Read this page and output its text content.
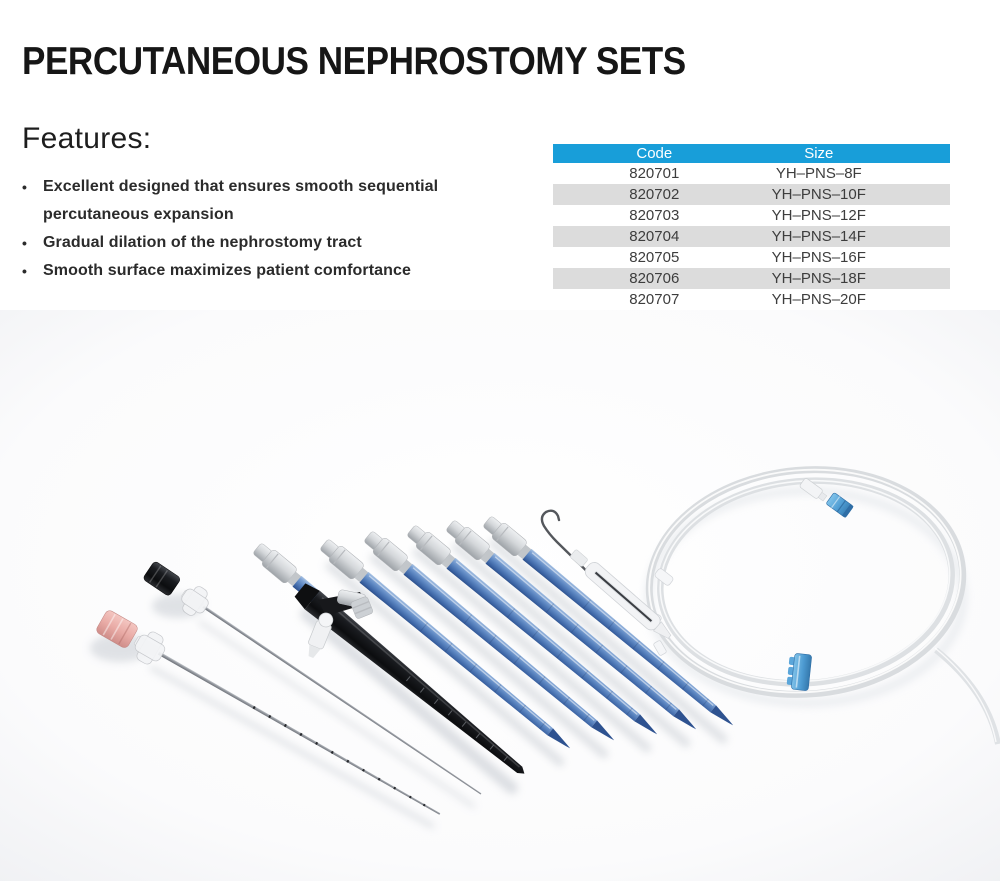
PERCUTANEOUS NEPHROSTOMY SETS
Features:
• Excellent designed that ensures smooth sequential percutaneous expansion
• Gradual dilation of the nephrostomy tract
• Smooth surface maximizes patient comfortance
Code	Size
820701	YH–PNS–8F
820702	YH–PNS–10F
820703	YH–PNS–12F
820704	YH–PNS–14F
820705	YH–PNS–16F
820706	YH–PNS–18F
820707	YH–PNS–20F
